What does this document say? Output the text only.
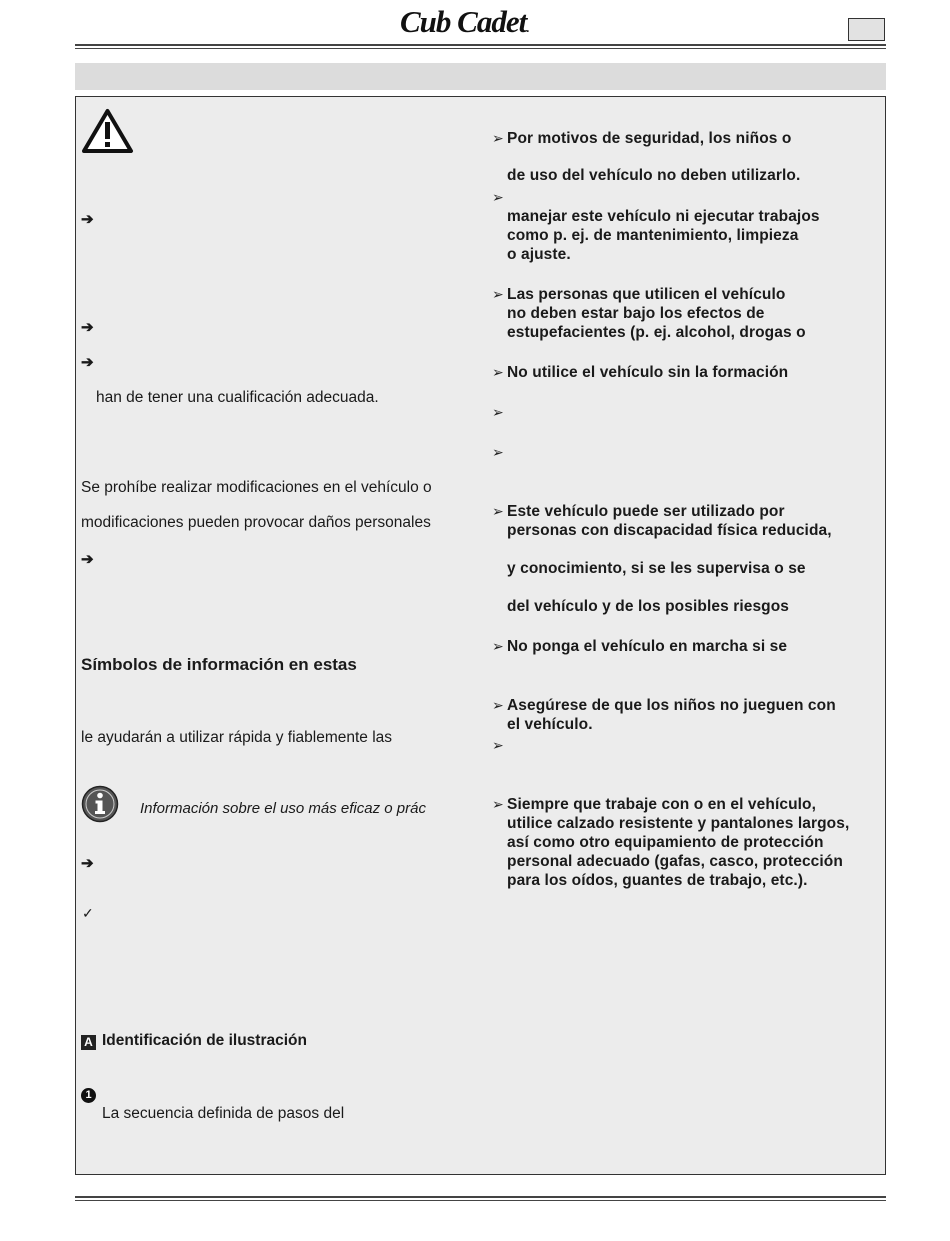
Cub Cadet.
➔
➔
➔
han de tener una cualificación adecuada.
Se prohíbe realizar modificaciones en el vehículo o
modificaciones pueden provocar daños personales
➔
Símbolos de información en estas
le ayudarán a utilizar rápida y fiablemente las
Información sobre el uso más eficaz o prác
➔
✓
A Identificación de ilustración
1
La secuencia definida de pasos del
➢ Por motivos de seguridad, los niños o
de uso del vehículo no deben utilizarlo.
➢
manejar este vehículo ni ejecutar trabajos
como p. ej. de mantenimiento, limpieza
o ajuste.
➢ Las personas que utilicen el vehículo
no deben estar bajo los efectos de
estupefacientes (p. ej. alcohol, drogas o
➢ No utilice el vehículo sin la formación
➢
➢
➢ Este vehículo puede ser utilizado por
personas con discapacidad física reducida,
y conocimiento, si se les supervisa o se
del vehículo y de los posibles riesgos
➢ No ponga el vehículo en marcha si se
➢ Asegúrese de que los niños no jueguen con
el vehículo.
➢
➢ Siempre que trabaje con o en el vehículo,
utilice calzado resistente y pantalones largos,
así como otro equipamiento de protección
personal adecuado (gafas, casco, protección
para los oídos, guantes de trabajo, etc.).
